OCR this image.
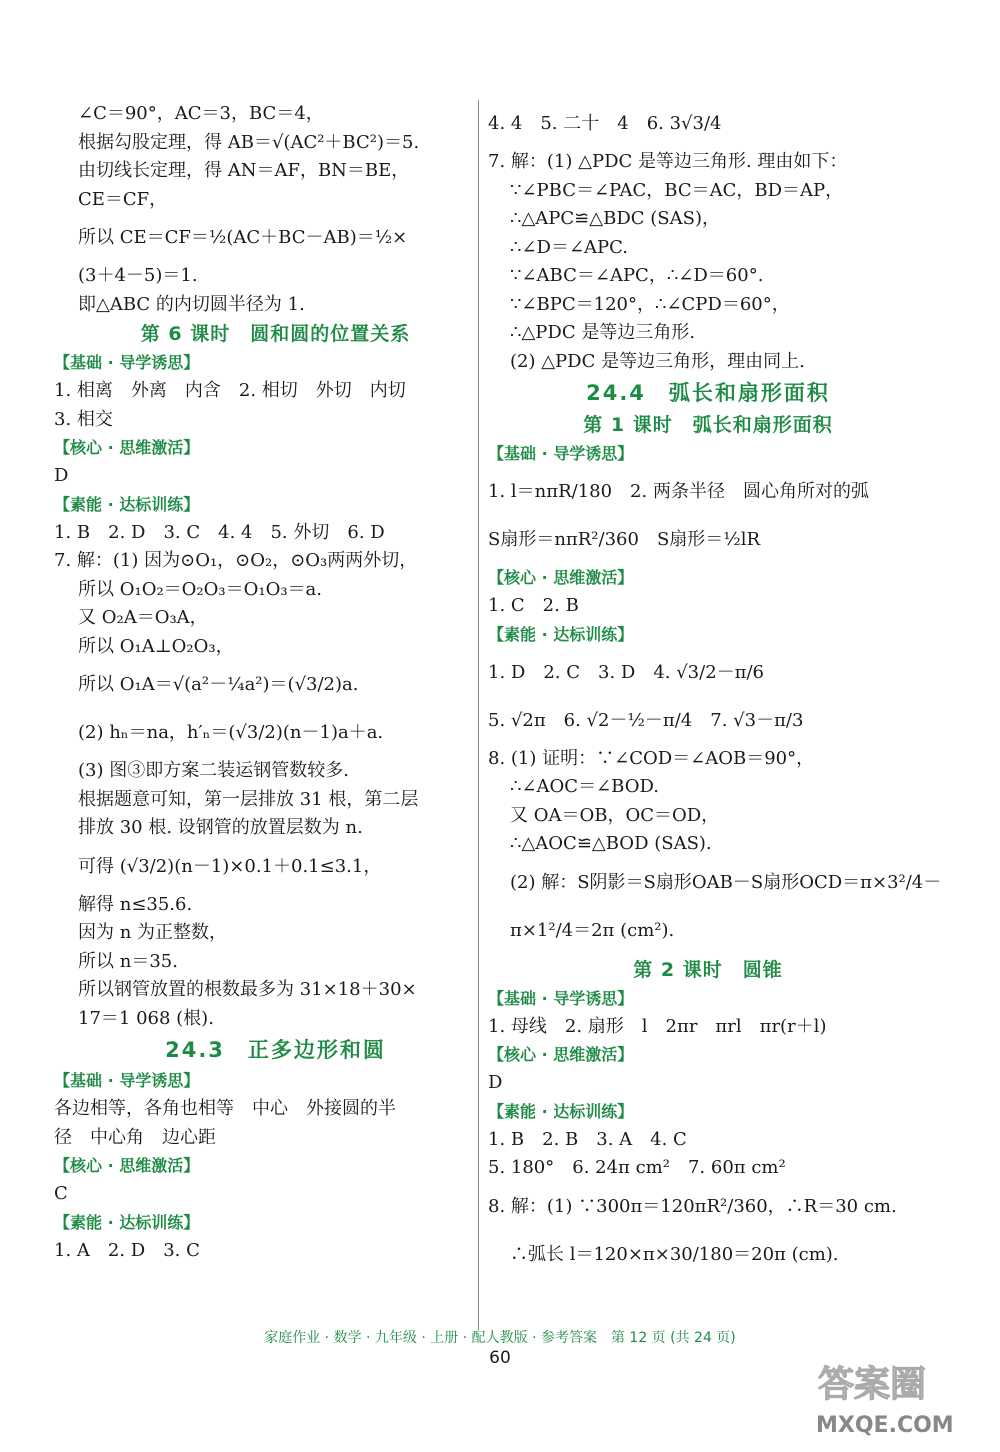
∠C＝90°，AC＝3，BC＝4，
根据勾股定理，得 AB＝√(AC²＋BC²)＝5.
由切线长定理，得 AN＝AF，BN＝BE，
CE＝CF，
所以 CE＝CF＝½(AC＋BC－AB)＝½×
(3＋4－5)＝1.
即△ABC 的内切圆半径为 1.
第 6 课时　圆和圆的位置关系
【基础 · 导学诱思】
1. 相离　外离　内含　2. 相切　外切　内切
3. 相交
【核心 · 思维激活】
D
【素能 · 达标训练】
1. B　2. D　3. C　4. 4　5. 外切　6. D
7. 解：(1) 因为⊙O₁，⊙O₂，⊙O₃两两外切，
所以 O₁O₂＝O₂O₃＝O₁O₃＝a.
又 O₂A＝O₃A，
所以 O₁A⊥O₂O₃，
所以 O₁A＝√(a²－¼a²)＝(√3/2)a.
(2) hₙ＝na，h′ₙ＝(√3/2)(n－1)a＋a.
(3) 图③即方案二装运钢管数较多.
根据题意可知，第一层排放 31 根，第二层
排放 30 根. 设钢管的放置层数为 n.
可得 (√3/2)(n－1)×0.1＋0.1≤3.1，
解得 n≤35.6.
因为 n 为正整数，
所以 n＝35.
所以钢管放置的根数最多为 31×18＋30×
17＝1 068 (根).
24.3　正多边形和圆
【基础 · 导学诱思】
各边相等，各角也相等　中心　外接圆的半
径　中心角　边心距
【核心 · 思维激活】
C
【素能 · 达标训练】
1. A　2. D　3. C
4. 4　5. 二十　4　6. 3√3/4
7. 解：(1) △PDC 是等边三角形. 理由如下：
∵∠PBC＝∠PAC，BC＝AC，BD＝AP，
∴△APC≌△BDC (SAS)，
∴∠D＝∠APC.
∵∠ABC＝∠APC，∴∠D＝60°.
∵∠BPC＝120°，∴∠CPD＝60°，
∴△PDC 是等边三角形.
(2) △PDC 是等边三角形，理由同上.
24.4　弧长和扇形面积
第 1 课时　弧长和扇形面积
【基础 · 导学诱思】
1. l＝nπR/180　2. 两条半径　圆心角所对的弧
S扇形＝nπR²/360　S扇形＝½lR
【核心 · 思维激活】
1. C　2. B
【素能 · 达标训练】
1. D　2. C　3. D　4. √3/2－π/6
5. √2π　6. √2－½－π/4　7. √3－π/3
8. (1) 证明：∵∠COD＝∠AOB＝90°，
∴∠AOC＝∠BOD.
又 OA＝OB，OC＝OD，
∴△AOC≌△BOD (SAS).
(2) 解：S阴影＝S扇形OAB－S扇形OCD＝π×3²/4－
π×1²/4＝2π (cm²).
第 2 课时　圆锥
【基础 · 导学诱思】
1. 母线　2. 扇形　l　2πr　πrl　πr(r＋l)
【核心 · 思维激活】
D
【素能 · 达标训练】
1. B　2. B　3. A　4. C
5. 180°　6. 24π cm²　7. 60π cm²
8. 解：(1) ∵300π＝120πR²/360，∴R＝30 cm.
∴弧长 l＝120×π×30/180＝20π (cm).
家庭作业 · 数学 · 九年级 · 上册 · 配人教版 · 参考答案　第 12 页 (共 24 页)
60
答案圈
MXQE.COM
